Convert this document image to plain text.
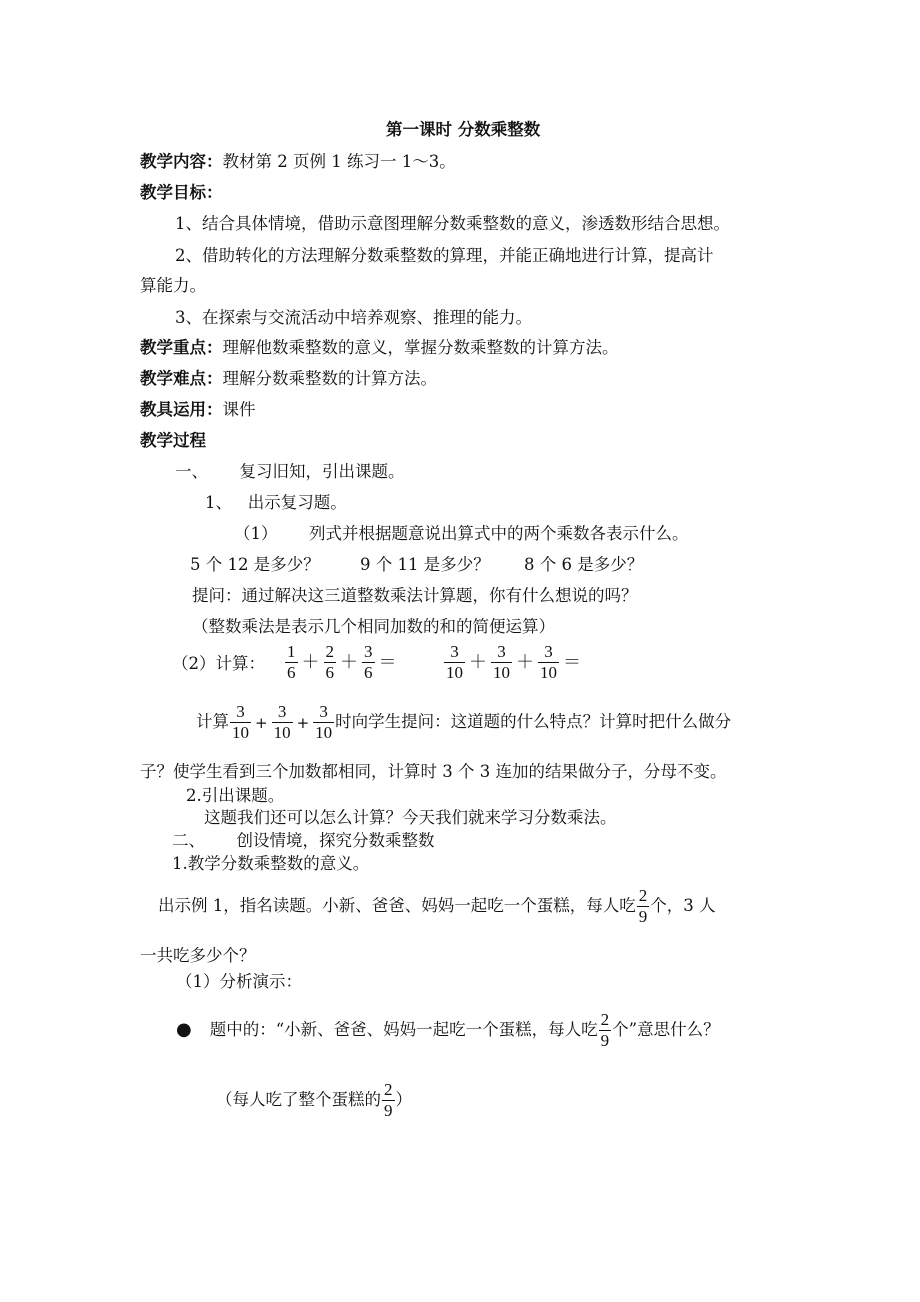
第一课时 分数乘整数
教学内容：教材第 2 页例 1 练习一 1～3。
教学目标：
1、结合具体情境，借助示意图理解分数乘整数的意义，渗透数形结合思想。
2、借助转化的方法理解分数乘整数的算理，并能正确地进行计算，提高计
算能力。
3、在探索与交流活动中培养观察、推理的能力。
教学重点：理解他数乘整数的意义，掌握分数乘整数的计算方法。
教学难点：理解分数乘整数的计算方法。
教具运用：课件
教学过程
一、      复习旧知，引出课题。
1、   出示复习题。
（1）      列式并根据题意说出算式中的两个乘数各表示什么。
5 个 12 是多少？ 9 个 11 是多少？ 8 个 6 是多少？
提问：通过解决这三道整数乘法计算题，你有什么想说的吗？
（整数乘法是表示几个相同加数的和的简便运算）
（2）计算： $\frac{1}{6} + \frac{2}{6} + \frac{3}{6}$ ＝	$\frac{3}{10} + \frac{3}{10} + \frac{3}{10}$ ＝
计算 $\frac{3}{10} + \frac{3}{10} + \frac{3}{10}$ 时向学生提问：这道题的什么特点？计算时把什么做分
子？使学生看到三个加数都相同，计算时 3 个 3 连加的结果做分子，分母不变。
2.引出课题。
这题我们还可以怎么计算？今天我们就来学习分数乘法。
二、      创设情境，探究分数乘整数
1.教学分数乘整数的意义。
出示例 1，指名读题。小新、爸爸、妈妈一起吃一个蛋糕，每人吃 $\frac{2}{9}$ 个，3 人
一共吃多少个？
（1）分析演示：
● 题中的：“小新、爸爸、妈妈一起吃一个蛋糕，每人吃 $\frac{2}{9}$ 个”意思什么？
（每人吃了整个蛋糕的 $\frac{2}{9}$ ）
